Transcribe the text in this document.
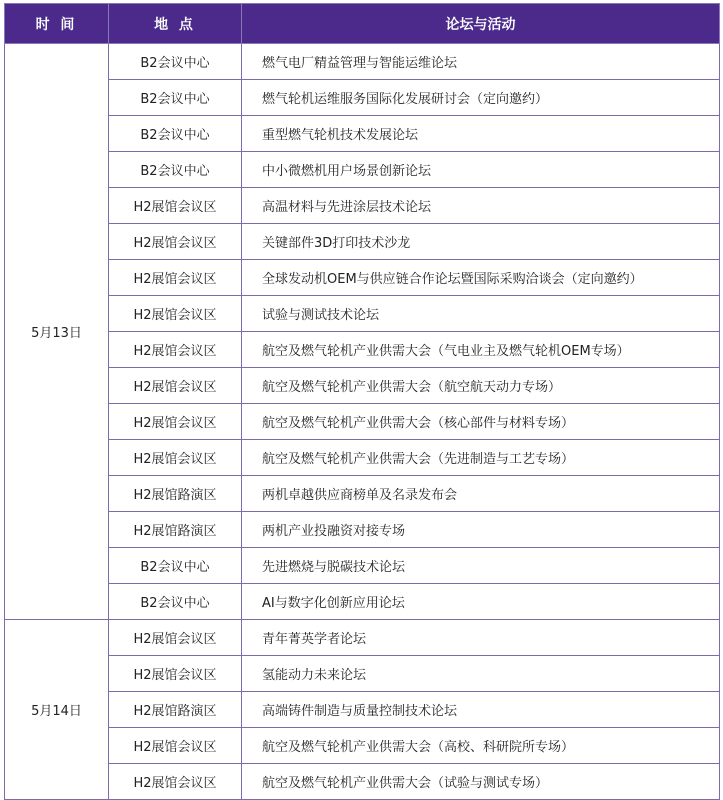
时 间	地 点	论坛与活动
5月13日	B2会议中心	燃气电厂精益管理与智能运维论坛
	B2会议中心	燃气轮机运维服务国际化发展研讨会（定向邀约）
	B2会议中心	重型燃气轮机技术发展论坛
	B2会议中心	中小微燃机用户场景创新论坛
	H2展馆会议区	高温材料与先进涂层技术论坛
	H2展馆会议区	关键部件3D打印技术沙龙
	H2展馆会议区	全球发动机OEM与供应链合作论坛暨国际采购洽谈会（定向邀约）
	H2展馆会议区	试验与测试技术论坛
	H2展馆会议区	航空及燃气轮机产业供需大会（气电业主及燃气轮机OEM专场）
	H2展馆会议区	航空及燃气轮机产业供需大会（航空航天动力专场）
	H2展馆会议区	航空及燃气轮机产业供需大会（核心部件与材料专场）
	H2展馆会议区	航空及燃气轮机产业供需大会（先进制造与工艺专场）
	H2展馆路演区	两机卓越供应商榜单及名录发布会
	H2展馆路演区	两机产业投融资对接专场
	B2会议中心	先进燃烧与脱碳技术论坛
	B2会议中心	AI与数字化创新应用论坛
5月14日	H2展馆会议区	青年菁英学者论坛
	H2展馆会议区	氢能动力未来论坛
	H2展馆路演区	高端铸件制造与质量控制技术论坛
	H2展馆会议区	航空及燃气轮机产业供需大会（高校、科研院所专场）
	H2展馆会议区	航空及燃气轮机产业供需大会（试验与测试专场）
